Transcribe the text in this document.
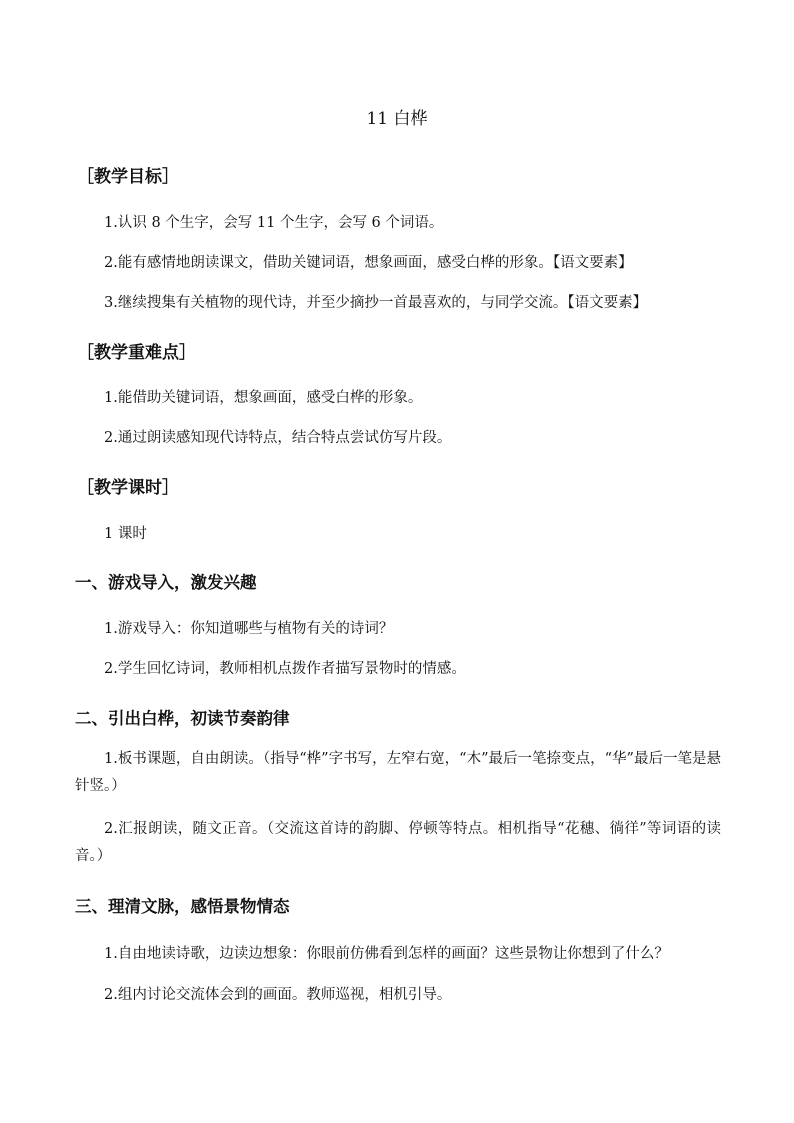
11 白桦
［教学目标］
1.认识 8 个生字，会写 11 个生字，会写 6 个词语。
2.能有感情地朗读课文，借助关键词语，想象画面，感受白桦的形象。【语文要素】
3.继续搜集有关植物的现代诗，并至少摘抄一首最喜欢的，与同学交流。【语文要素】
［教学重难点］
1.能借助关键词语，想象画面，感受白桦的形象。
2.通过朗读感知现代诗特点，结合特点尝试仿写片段。
［教学课时］
1 课时
一、游戏导入，激发兴趣
1.游戏导入：你知道哪些与植物有关的诗词？
2.学生回忆诗词，教师相机点拨作者描写景物时的情感。
二、引出白桦，初读节奏韵律
1.板书课题，自由朗读。（指导“桦”字书写，左窄右宽，“木”最后一笔捺变点，“华”最后一笔是悬针竖。）
2.汇报朗读，随文正音。（交流这首诗的韵脚、停顿等特点。相机指导“花穗、徜徉”等词语的读音。）
三、理清文脉，感悟景物情态
1.自由地读诗歌，边读边想象：你眼前仿佛看到怎样的画面？这些景物让你想到了什么？
2.组内讨论交流体会到的画面。教师巡视，相机引导。
